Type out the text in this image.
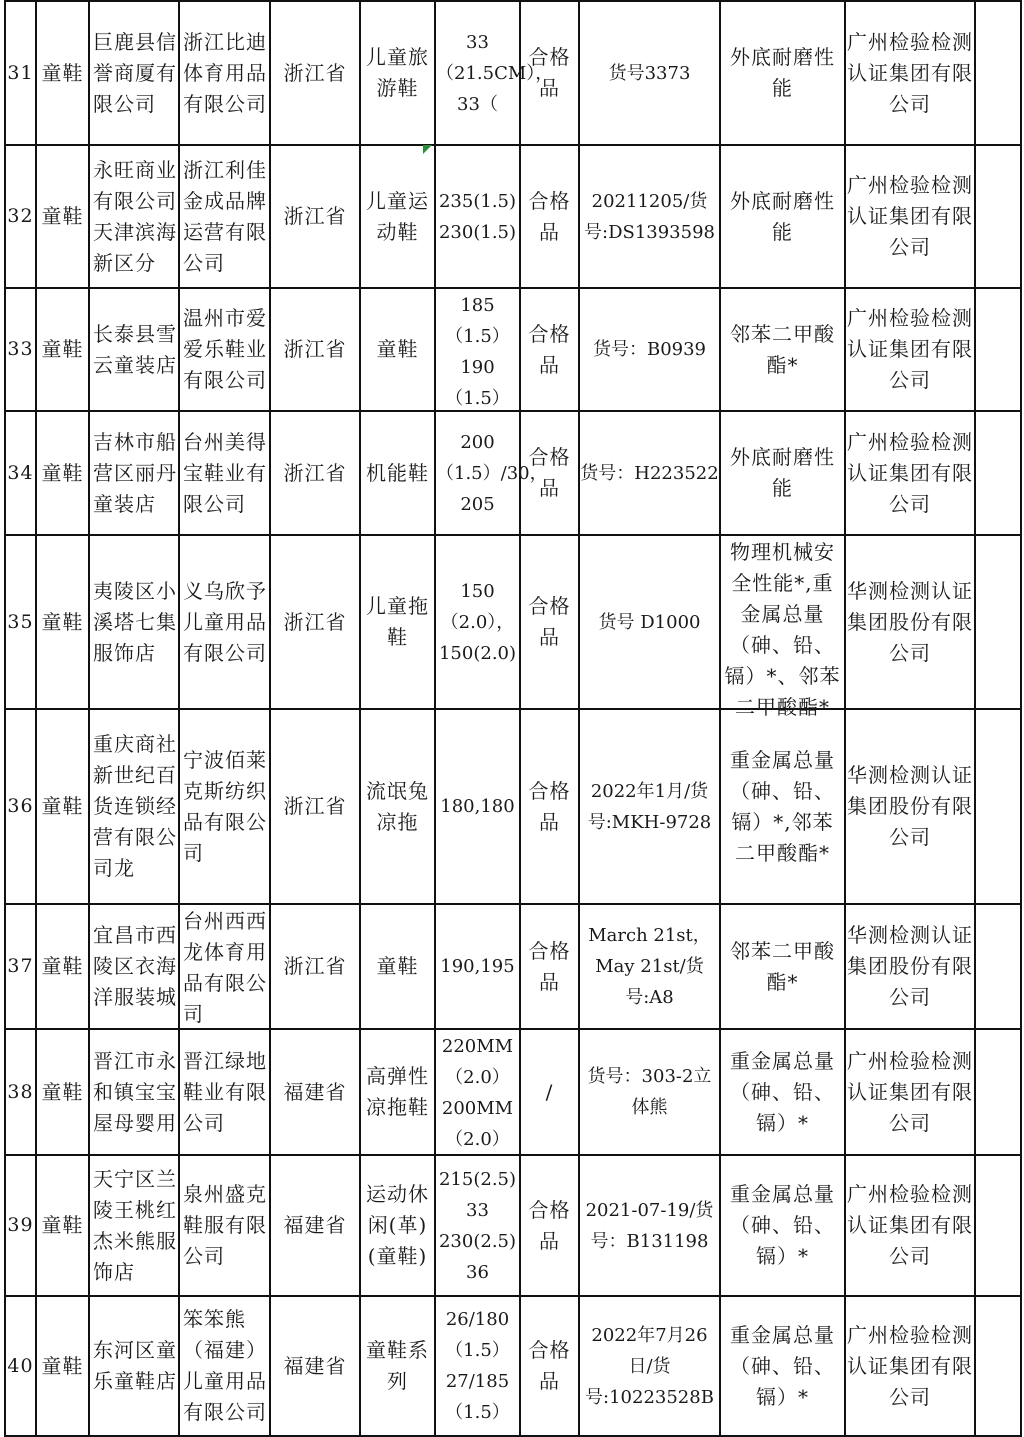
31	童鞋	巨鹿县信誉商厦有限公司	浙江比迪体育用品有限公司	浙江省	儿童旅游鞋	33（21.5CM），33（	合格品	货号3373	外底耐磨性能	广州检验检测认证集团有限公司	

32	童鞋	永旺商业有限公司天津滨海新区分	浙江利佳金成品牌运营有限公司	浙江省	儿童运动鞋	235(1.5) 230(1.5)	合格品	20211205/货号:DS1393598	外底耐磨性能	广州检验检测认证集团有限公司	

33	童鞋	长泰县雪云童装店	温州市爱爱乐鞋业有限公司	浙江省	童鞋	185（1.5）190（1.5）	合格品	货号：B0939	邻苯二甲酸酯*	广州检验检测认证集团有限公司	

34	童鞋	吉林市船营区丽丹童装店	台州美得宝鞋业有限公司	浙江省	机能鞋	200（1.5）/30，205	合格品	货号：H223522	外底耐磨性能	广州检验检测认证集团有限公司	

35	童鞋	夷陵区小溪塔七集服饰店	义乌欣予儿童用品有限公司	浙江省	儿童拖鞋	150（2.0），150(2.0)	合格品	货号 D1000	物理机械安全性能*,重金属总量（砷、铅、镉）*、邻苯二甲酸酯*	华测检测认证集团股份有限公司	

36	童鞋	重庆商社新世纪百货连锁经营有限公司龙	宁波佰莱克斯纺织品有限公司	浙江省	流氓兔凉拖	180,180	合格品	2022年1月/货号:MKH-9728	重金属总量（砷、铅、镉）*,邻苯二甲酸酯*	华测检测认证集团股份有限公司	

37	童鞋	宜昌市西陵区衣海洋服装城	台州西西龙体育用品有限公司	浙江省	童鞋	190,195	合格品	March 21st，May 21st/货号:A8	邻苯二甲酸酯*	华测检测认证集团股份有限公司	

38	童鞋	晋江市永和镇宝宝屋母婴用	晋江绿地鞋业有限公司	福建省	高弹性凉拖鞋	220MM（2.0）200MM（2.0）	/	货号：303-2立体熊	重金属总量（砷、铅、镉）*	广州检验检测认证集团有限公司	

39	童鞋	天宁区兰陵王桃红杰米熊服饰店	泉州盛克鞋服有限公司	福建省	运动休闲(革)(童鞋)	215(2.5) 33 230(2.5) 36	合格品	2021-07-19/货号：B131198	重金属总量（砷、铅、镉）*	广州检验检测认证集团有限公司	

40	童鞋	东河区童乐童鞋店	笨笨熊（福建）儿童用品有限公司	福建省	童鞋系列	26/180（1.5）27/185（1.5）	合格品	2022年7月26日/货号:10223528B	重金属总量（砷、铅、镉）*	广州检验检测认证集团有限公司	
